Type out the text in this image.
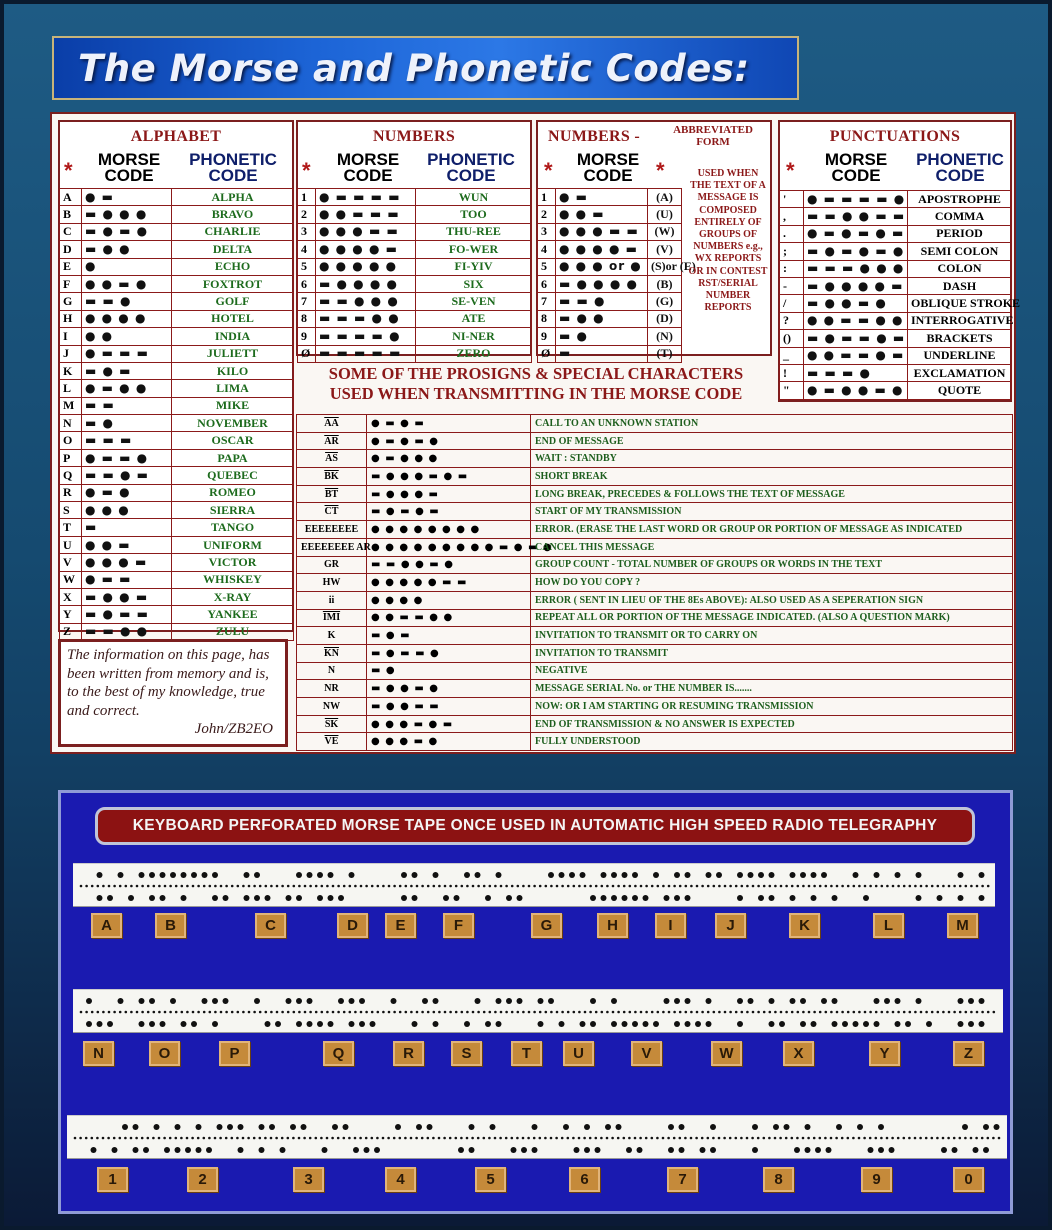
The Morse and Phonetic Codes:
ALPHABET
*	MORSE CODE
PHONETIC CODE
A	● ▬	ALPHA
B	▬ ● ● ●	BRAVO
C	▬ ● ▬ ●	CHARLIE
D	▬ ● ●	DELTA
E	●	ECHO
F	● ● ▬ ●	FOXTROT
G	▬ ▬ ●	GOLF
H	● ● ● ●	HOTEL
I	● ●	INDIA
J	● ▬ ▬ ▬	JULIETT
K	▬ ● ▬	KILO
L	● ▬ ● ●	LIMA
M	▬ ▬	MIKE
N	▬ ●	NOVEMBER
O	▬ ▬ ▬	OSCAR
P	● ▬ ▬ ●	PAPA
Q	▬ ▬ ● ▬	QUEBEC
R	● ▬ ●	ROMEO
S	● ● ●	SIERRA
T	▬	TANGO
U	● ● ▬	UNIFORM
V	● ● ● ▬	VICTOR
W	● ▬ ▬	WHISKEY
X	▬ ● ● ▬	X-RAY
Y	▬ ● ▬ ▬	YANKEE
Z	▬ ▬ ● ●	ZULU
The information on this page, has been written from memory and is, to the best of my knowledge, true and correct.
John/ZB2EO
NUMBERS
*	MORSE CODE
PHONETIC CODE
1	● ▬ ▬ ▬ ▬	WUN
2	● ● ▬ ▬ ▬	TOO
3	● ● ● ▬ ▬	THU-REE
4	● ● ● ● ▬	FO-WER
5	● ● ● ● ●	FI-YIV
6	▬ ● ● ● ●	SIX
7	▬ ▬ ● ● ●	SE-VEN
8	▬ ▬ ▬ ● ●	ATE
9	▬ ▬ ▬ ▬ ●	NI-NER
Ø	▬ ▬ ▬ ▬ ▬	ZERO
NUMBERS -	ABBREVIATED FORM
*	MORSE CODE	*
1	● ▬	(A)
2	● ● ▬	(U)
3	● ● ● ▬ ▬	(W)
4	● ● ● ● ▬	(V)
5	● ● ● or ●	(S)or (E)
6	▬ ● ● ● ●	(B)
7	▬ ▬ ●	(G)
8	▬ ● ●	(D)
9	▬ ●	(N)
Ø	▬	(T)
USED WHEN THE TEXT OF A MESSAGE IS COMPOSED ENTIRELY OF GROUPS OF NUMBERS e.g., WX REPORTS OR IN CONTEST RST/SERIAL NUMBER REPORTS
PUNCTUATIONS
*	MORSE CODE
PHONETIC CODE
'	● ▬ ▬ ▬ ▬ ●	APOSTROPHE
,	▬ ▬ ● ● ▬ ▬	COMMA
.	● ▬ ● ▬ ● ▬	PERIOD
;	▬ ● ▬ ● ▬ ●	SEMI COLON
:	▬ ▬ ▬ ● ● ●	COLON
-	▬ ● ● ● ● ▬	DASH
/	▬ ● ● ▬ ●	OBLIQUE STROKE
?	● ● ▬ ▬ ● ●	INTERROGATIVE
()	▬ ● ▬ ▬ ● ▬	BRACKETS
_	● ● ▬ ▬ ● ▬	UNDERLINE
!	▬ ▬ ▬ ●	EXCLAMATION
"	● ▬ ● ● ▬ ●	QUOTE
SOME OF THE PROSIGNS & SPECIAL CHARACTERS
USED WHEN TRANSMITTING IN THE MORSE CODE
$\overline{AA}$	● ▬ ● ▬	CALL TO AN UNKNOWN STATION
$\overline{AR}$	● ▬ ● ▬ ●	END OF MESSAGE
$\overline{AS}$	● ▬ ● ● ●	WAIT : STANDBY
$\overline{BK}$	▬ ● ● ● ▬ ● ▬	SHORT BREAK
$\overline{BT}$	▬ ● ● ● ▬	LONG BREAK, PRECEDES & FOLLOWS THE TEXT OF MESSAGE
$\overline{CT}$	▬ ● ▬ ● ▬	START OF MY TRANSMISSION
EEEEEEEE	● ● ● ● ● ● ● ●	ERROR. (ERASE THE LAST WORD OR GROUP OR PORTION OF MESSAGE AS INDICATED
EEEEEEEE AR	● ● ● ● ● ● ● ● ● ▬ ● ▬ ●	CANCEL THIS MESSAGE
GR	▬ ▬ ● ● ▬ ●	GROUP COUNT - TOTAL NUMBER OF GROUPS OR WORDS IN THE TEXT
HW	● ● ● ● ● ▬ ▬	HOW DO YOU COPY ?
ii	● ● ● ●	ERROR ( SENT IN LIEU OF THE 8Es ABOVE): ALSO USED AS A SEPERATION SIGN
$\overline{IMI}$	● ● ▬ ▬ ● ●	REPEAT ALL OR PORTION OF THE MESSAGE INDICATED. (ALSO A QUESTION MARK)
K	▬ ● ▬	INVITATION TO TRANSMIT OR TO CARRY ON
$\overline{KN}$	▬ ● ▬ ▬ ●	INVITATION TO TRANSMIT
N	▬ ●	NEGATIVE
NR	▬ ● ● ▬ ●	MESSAGE SERIAL No. or THE NUMBER IS.......
NW	▬ ● ● ▬ ▬	NOW: OR I AM STARTING OR RESUMING TRANSMISSION
$\overline{SK}$	● ● ● ▬ ● ▬	END OF TRANSMISSION & NO ANSWER IS EXPECTED
$\overline{VE}$	● ● ● ▬ ●	FULLY UNDERSTOOD
KEYBOARD PERFORATED MORSE TAPE ONCE USED IN AUTOMATIC HIGH SPEED RADIO TELEGRAPHY
A	B	C	D	E	F	G	H	I	J	K	L	M
N	O	P	Q	R	S	T	U	V	W	X	Y	Z
1	2	3	4	5	6	7	8	9	0
